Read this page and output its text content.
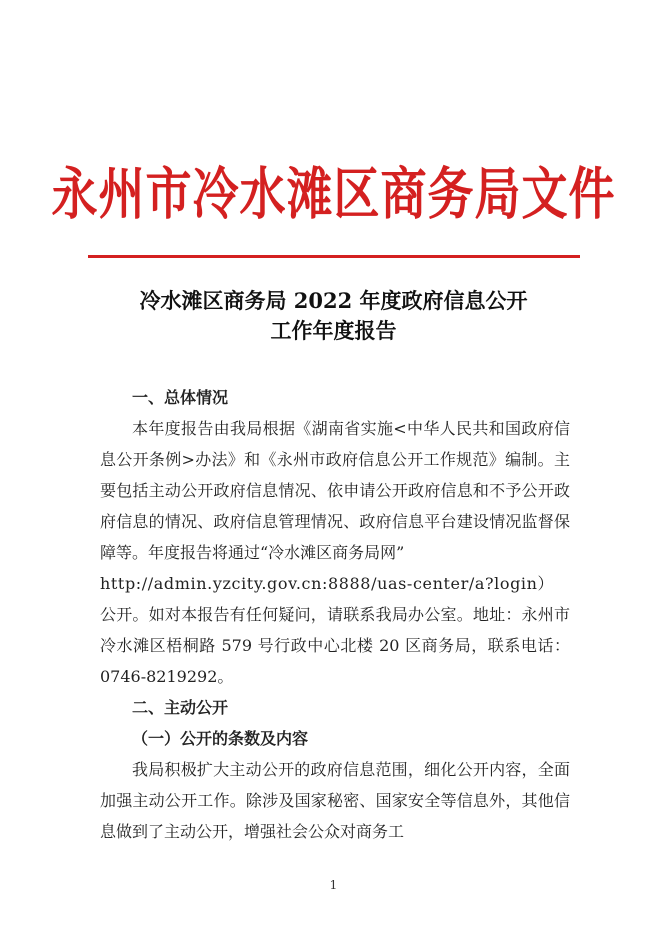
永州市冷水滩区商务局文件
冷水滩区商务局 2022 年度政府信息公开
工作年度报告

一、总体情况

本年度报告由我局根据《湖南省实施<中华人民共和国政府信息公开条例>办法》和《永州市政府信息公开工作规范》编制。主要包括主动公开政府信息情况、依申请公开政府信息和不予公开政府信息的情况、政府信息管理情况、政府信息平台建设情况监督保障等。年度报告将通过“冷水滩区商务局网”
http://admin.yzcity.gov.cn:8888/uas-center/a?login）
公开。如对本报告有任何疑问，请联系我局办公室。地址：永州市冷水滩区梧桐路 579 号行政中心北楼 20 区商务局，联系电话：0746-8219292。

二、主动公开

（一）公开的条数及内容

我局积极扩大主动公开的政府信息范围，细化公开内容，全面加强主动公开工作。除涉及国家秘密、国家安全等信息外，其他信息做到了主动公开，增强社会公众对商务工

1
